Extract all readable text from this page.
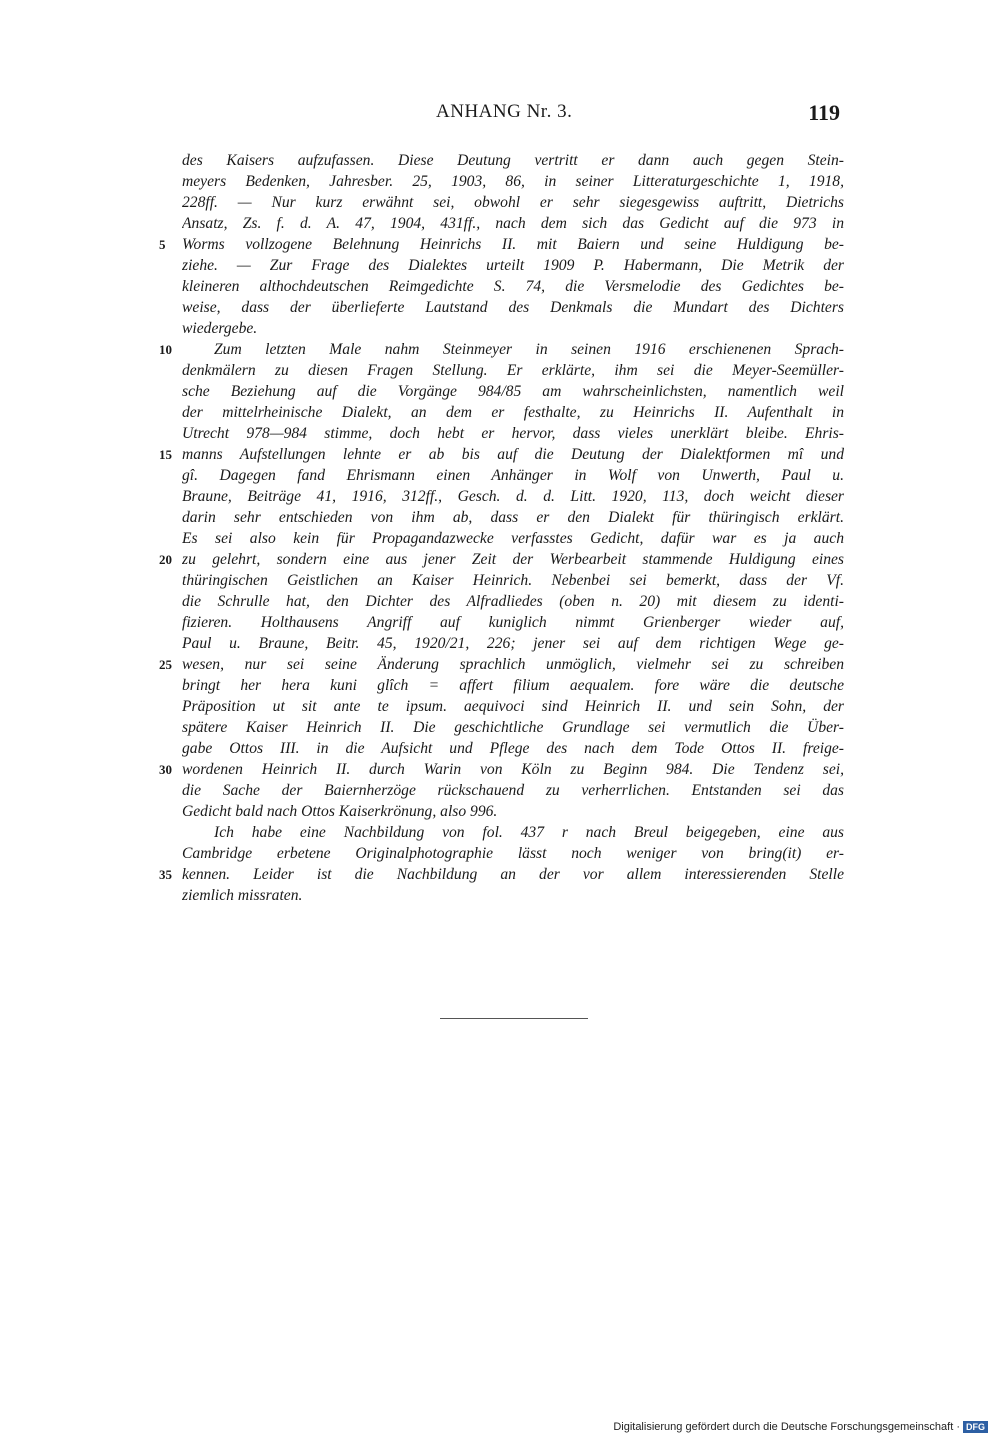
ANHANG Nr. 3.	119
des Kaisers aufzufassen. Diese Deutung vertritt er dann auch gegen Stein-
meyers Bedenken, Jahresber. 25, 1903, 86, in seiner Litteraturgeschichte 1, 1918,
228ff. — Nur kurz erwähnt sei, obwohl er sehr siegesgewiss auftritt, Dietrichs
Ansatz, Zs. f. d. A. 47, 1904, 431ff., nach dem sich das Gedicht auf die 973 in
5 Worms vollzogene Belehnung Heinrichs II. mit Baiern und seine Huldigung be-
ziehe. — Zur Frage des Dialektes urteilt 1909 P. Habermann, Die Metrik der
kleineren althochdeutschen Reimgedichte S. 74, die Versmelodie des Gedichtes be-
weise, dass der überlieferte Lautstand des Denkmals die Mundart des Dichters
wiedergebe.
10	Zum letzten Male nahm Steinmeyer in seinen 1916 erschienenen Sprach-
denkmälern zu diesen Fragen Stellung. Er erklärte, ihm sei die Meyer-Seemüller-
sche Beziehung auf die Vorgänge 984/85 am wahrscheinlichsten, namentlich weil
der mittelrheinische Dialekt, an dem er festhalte, zu Heinrichs II. Aufenthalt in
Utrecht 978—984 stimme, doch hebt er hervor, dass vieles unerklärt bleibe. Ehris-
15 manns Aufstellungen lehnte er ab bis auf die Deutung der Dialektformen mî und
gî. Dagegen fand Ehrismann einen Anhänger in Wolf von Unwerth, Paul u.
Braune, Beiträge 41, 1916, 312ff., Gesch. d. d. Litt. 1920, 113, doch weicht dieser
darin sehr entschieden von ihm ab, dass er den Dialekt für thüringisch erklärt.
Es sei also kein für Propagandazwecke verfasstes Gedicht, dafür war es ja auch
20 zu gelehrt, sondern eine aus jener Zeit der Werbearbeit stammende Huldigung eines
thüringischen Geistlichen an Kaiser Heinrich. Nebenbei sei bemerkt, dass der Vf.
die Schrulle hat, den Dichter des Alfradliedes (oben n. 20) mit diesem zu identi-
fizieren. Holthausens Angriff auf kuniglich nimmt Grienberger wieder auf,
Paul u. Braune, Beitr. 45, 1920/21, 226; jener sei auf dem richtigen Wege ge-
25 wesen, nur sei seine Änderung sprachlich unmöglich, vielmehr sei zu schreiben
bringt her hera kuni glîch = affert filium aequalem. fore wäre die deutsche
Präposition ut sit ante te ipsum. aequivoci sind Heinrich II. und sein Sohn, der
spätere Kaiser Heinrich II. Die geschichtliche Grundlage sei vermutlich die Über-
gabe Ottos III. in die Aufsicht und Pflege des nach dem Tode Ottos II. freige-
30 wordenen Heinrich II. durch Warin von Köln zu Beginn 984. Die Tendenz sei,
die Sache der Baiernherzöge rückschauend zu verherrlichen. Entstanden sei das
Gedicht bald nach Ottos Kaiserkrönung, also 996.
Ich habe eine Nachbildung von fol. 437 r nach Breul beigegeben, eine aus
Cambridge erbetene Originalphotographie lässt noch weniger von bring(it) er-
35 kennen. Leider ist die Nachbildung an der vor allem interessierenden Stelle
ziemlich missraten.
Digitalisierung gefördert durch die Deutsche Forschungsgemeinschaft · DFG
